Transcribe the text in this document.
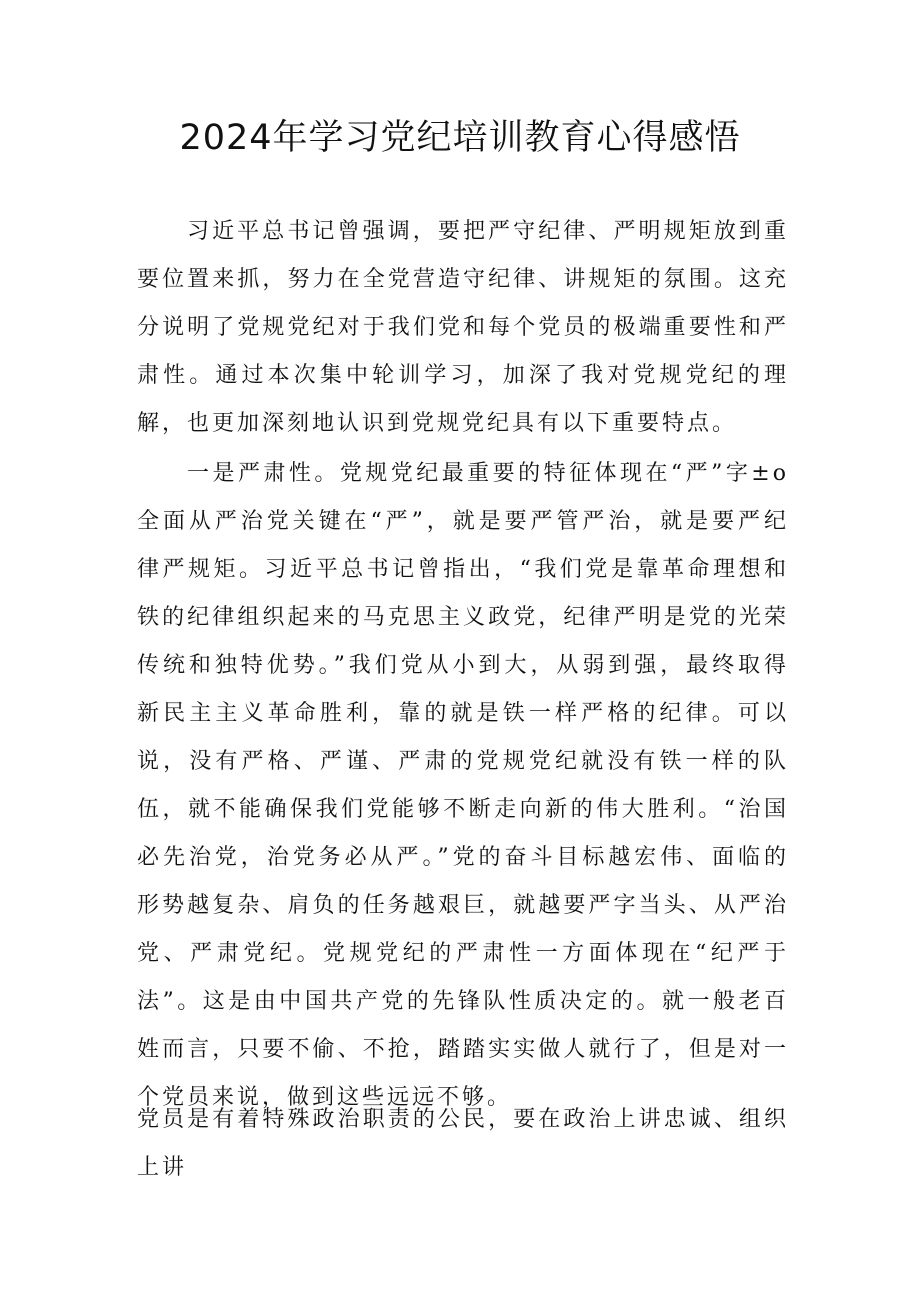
2024年学习党纪培训教育心得感悟

习近平总书记曾强调，要把严守纪律、严明规矩放到重要位置来抓，努力在全党营造守纪律、讲规矩的氛围。这充分说明了党规党纪对于我们党和每个党员的极端重要性和严肃性。通过本次集中轮训学习，加深了我对党规党纪的理解，也更加深刻地认识到党规党纪具有以下重要特点。

一是严肃性。党规党纪最重要的特征体现在“严”字±o全面从严治党关键在“严”，就是要严管严治，就是要严纪律严规矩。习近平总书记曾指出，“我们党是靠革命理想和铁的纪律组织起来的马克思主义政党，纪律严明是党的光荣传统和独特优势。”我们党从小到大，从弱到强，最终取得新民主主义革命胜利，靠的就是铁一样严格的纪律。可以说，没有严格、严谨、严肃的党规党纪就没有铁一样的队伍，就不能确保我们党能够不断走向新的伟大胜利。“治国必先治党，治党务必从严。”党的奋斗目标越宏伟、面临的形势越复杂、肩负的任务越艰巨，就越要严字当头、从严治党、严肃党纪。党规党纪的严肃性一方面体现在“纪严于法”。这是由中国共产党的先锋队性质决定的。就一般老百姓而言，只要不偷、不抢，踏踏实实做人就行了，但是对一个党员来说，做到这些远远不够。

党员是有着特殊政治职责的公民，要在政治上讲忠诚、组织上讲
